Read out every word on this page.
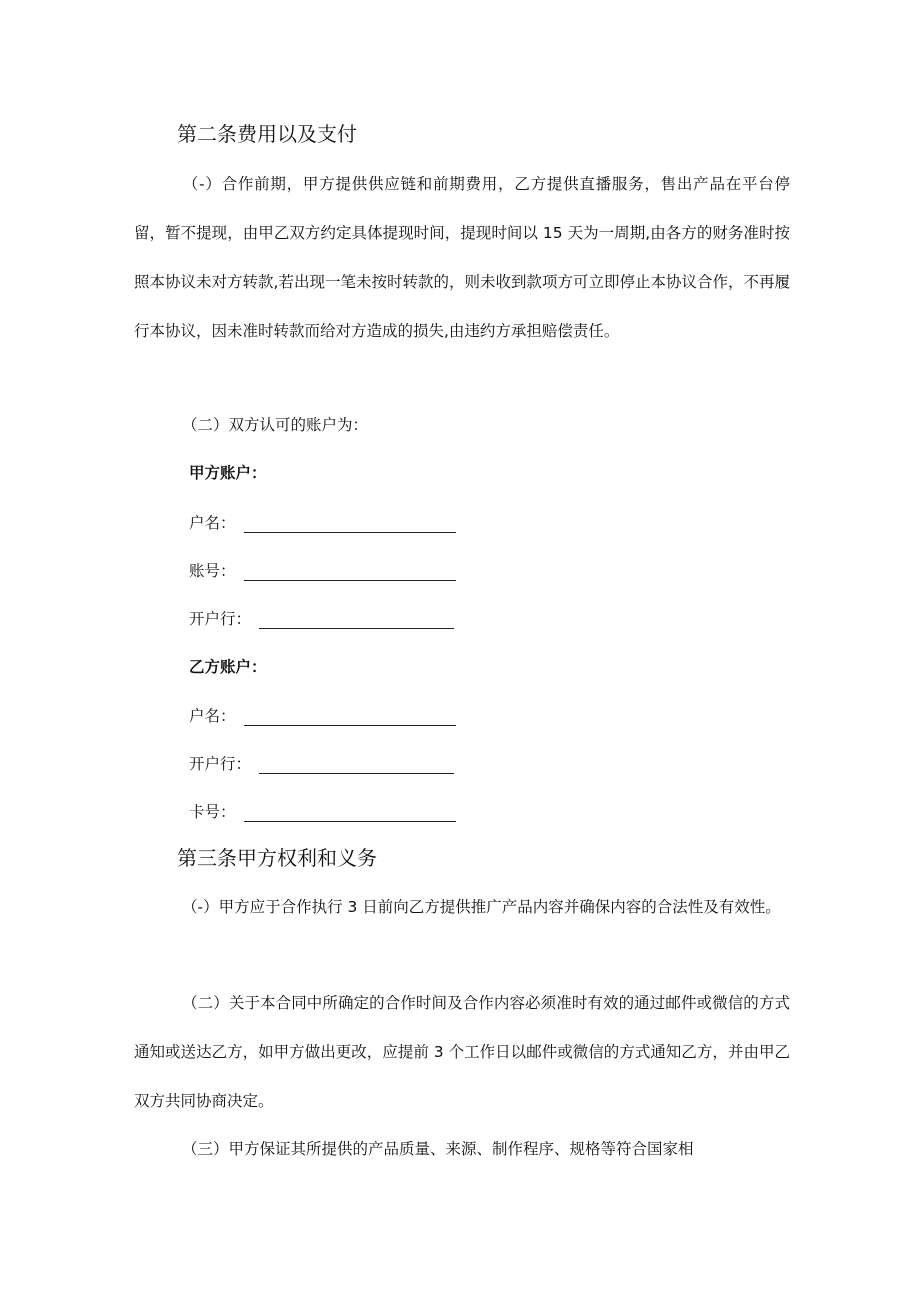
第二条费用以及支付
（-）合作前期，甲方提供供应链和前期费用，乙方提供直播服务，售出产品在平台停留，暂不提现，由甲乙双方约定具体提现时间，提现时间以 15 天为一周期,由各方的财务准时按照本协议未对方转款,若出现一笔未按时转款的，则未收到款项方可立即停止本协议合作，不再履行本协议，因未准时转款而给对方造成的损失,由违约方承担赔偿责任。
（二）双方认可的账户为：
甲方账户：
户名：
账号：
开户行：
乙方账户：
户名：
开户行：
卡号：
第三条甲方权利和义务
（-）甲方应于合作执行 3 日前向乙方提供推广产品内容并确保内容的合法性及有效性。
（二）关于本合同中所确定的合作时间及合作内容必须准时有效的通过邮件或微信的方式通知或送达乙方，如甲方做出更改，应提前 3 个工作日以邮件或微信的方式通知乙方，并由甲乙双方共同协商决定。
（三）甲方保证其所提供的产品质量、来源、制作程序、规格等符合国家相
